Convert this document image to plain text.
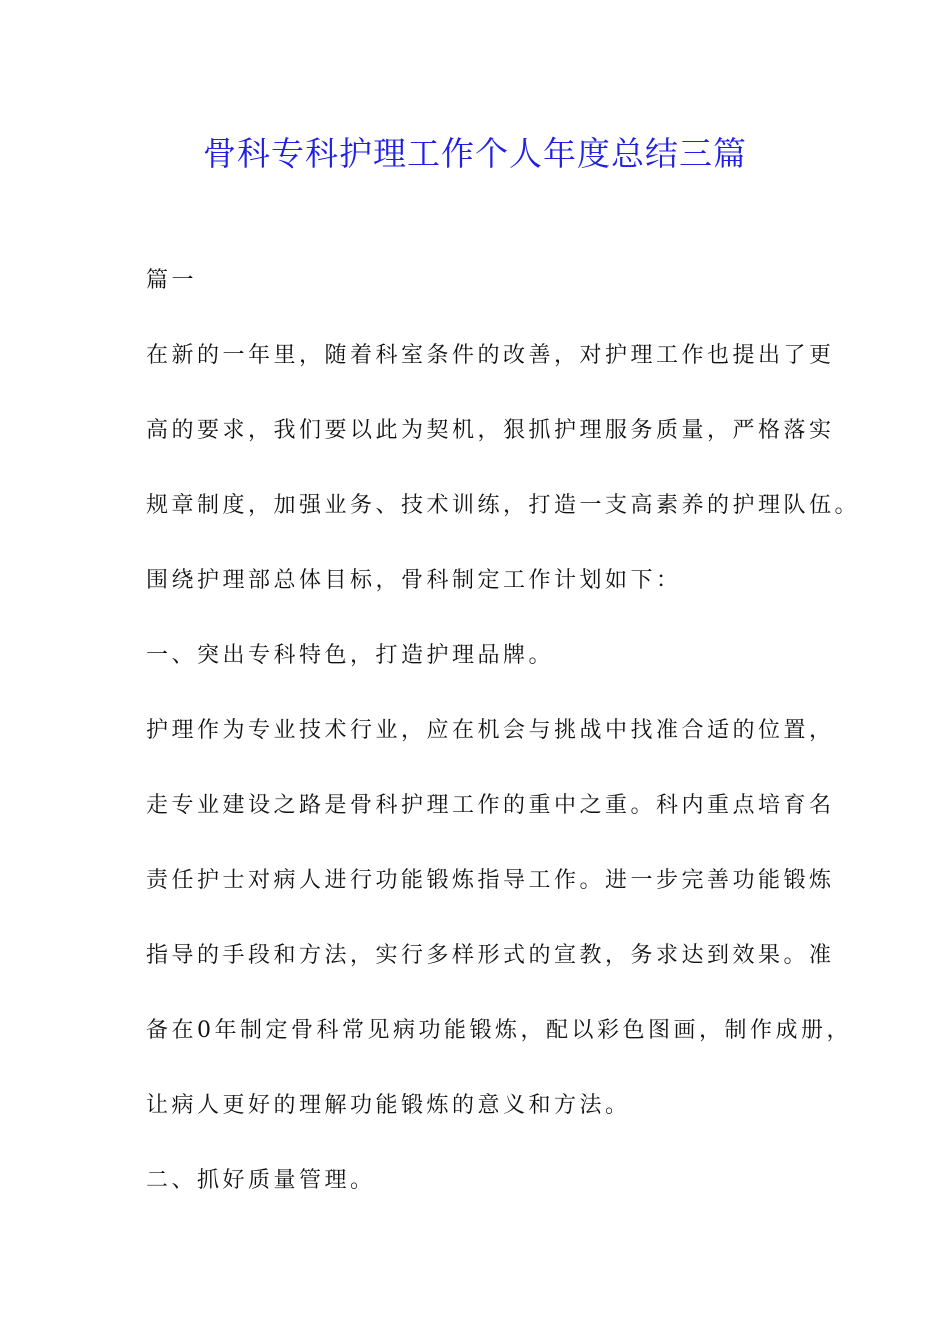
骨科专科护理工作个人年度总结三篇

篇一

在新的一年里，随着科室条件的改善，对护理工作也提出了更

高的要求，我们要以此为契机，狠抓护理服务质量，严格落实

规章制度，加强业务、技术训练，打造一支高素养的护理队伍。

围绕护理部总体目标，骨科制定工作计划如下：

一、突出专科特色，打造护理品牌。

护理作为专业技术行业，应在机会与挑战中找准合适的位置，

走专业建设之路是骨科护理工作的重中之重。科内重点培育名

责任护士对病人进行功能锻炼指导工作。进一步完善功能锻炼

指导的手段和方法，实行多样形式的宣教，务求达到效果。准

备在0年制定骨科常见病功能锻炼，配以彩色图画，制作成册，

让病人更好的理解功能锻炼的意义和方法。

二、抓好质量管理。
